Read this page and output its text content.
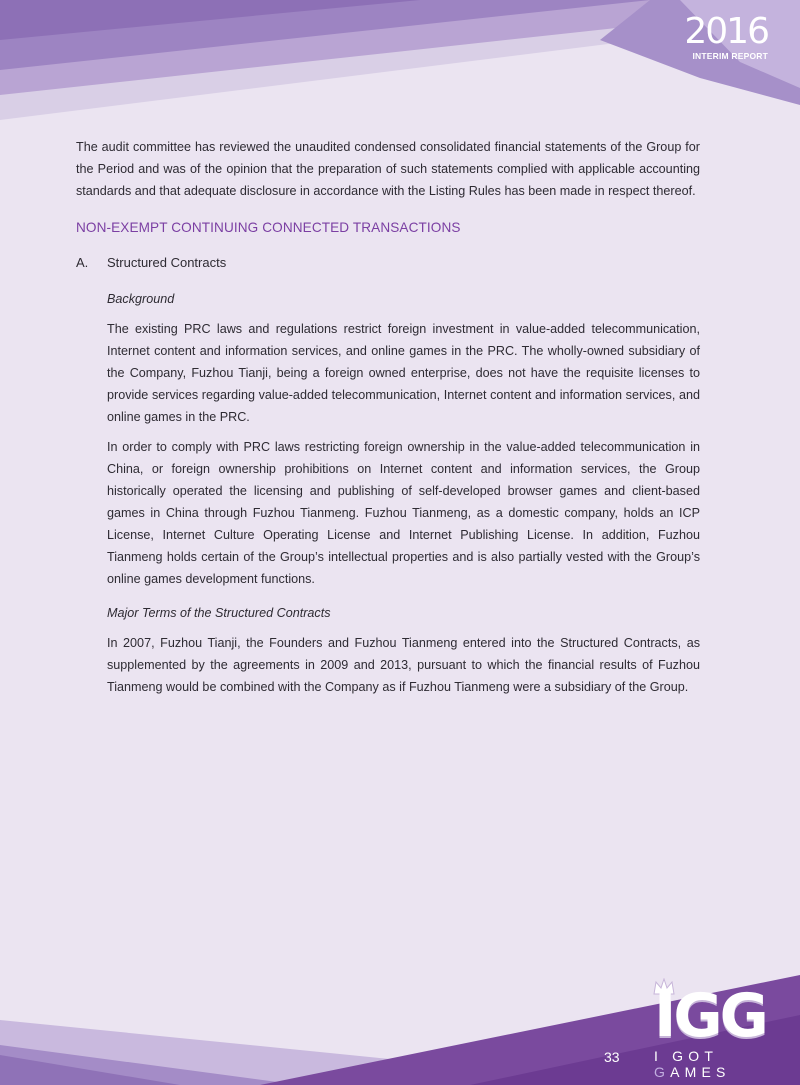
2016
INTERIM REPORT

The audit committee has reviewed the unaudited condensed consolidated financial statements of the Group for the Period and was of the opinion that the preparation of such statements complied with applicable accounting standards and that adequate disclosure in accordance with the Listing Rules has been made in respect thereof.

NON-EXEMPT CONTINUING CONNECTED TRANSACTIONS
A.	Structured Contracts
Background

The existing PRC laws and regulations restrict foreign investment in value-added telecommunication, Internet content and information services, and online games in the PRC. The wholly-owned subsidiary of the Company, Fuzhou Tianji, being a foreign owned enterprise, does not have the requisite licenses to provide services regarding value-added telecommunication, Internet content and information services, and online games in the PRC.

In order to comply with PRC laws restricting foreign ownership in the value-added telecommunication in China, or foreign ownership prohibitions on Internet content and information services, the Group historically operated the licensing and publishing of self-developed browser games and client-based games in China through Fuzhou Tianmeng. Fuzhou Tianmeng, as a domestic company, holds an ICP License, Internet Culture Operating License and Internet Publishing License. In addition, Fuzhou Tianmeng holds certain of the Group’s intellectual properties and is also partially vested with the Group’s online games development functions.

Major Terms of the Structured Contracts

In 2007, Fuzhou Tianji, the Founders and Fuzhou Tianmeng entered into the Structured Contracts, as supplemented by the agreements in 2009 and 2013, pursuant to which the financial results of Fuzhou Tianmeng would be combined with the Company as if Fuzhou Tianmeng were a subsidiary of the Group.

IGG
33 I GOT GAMES
